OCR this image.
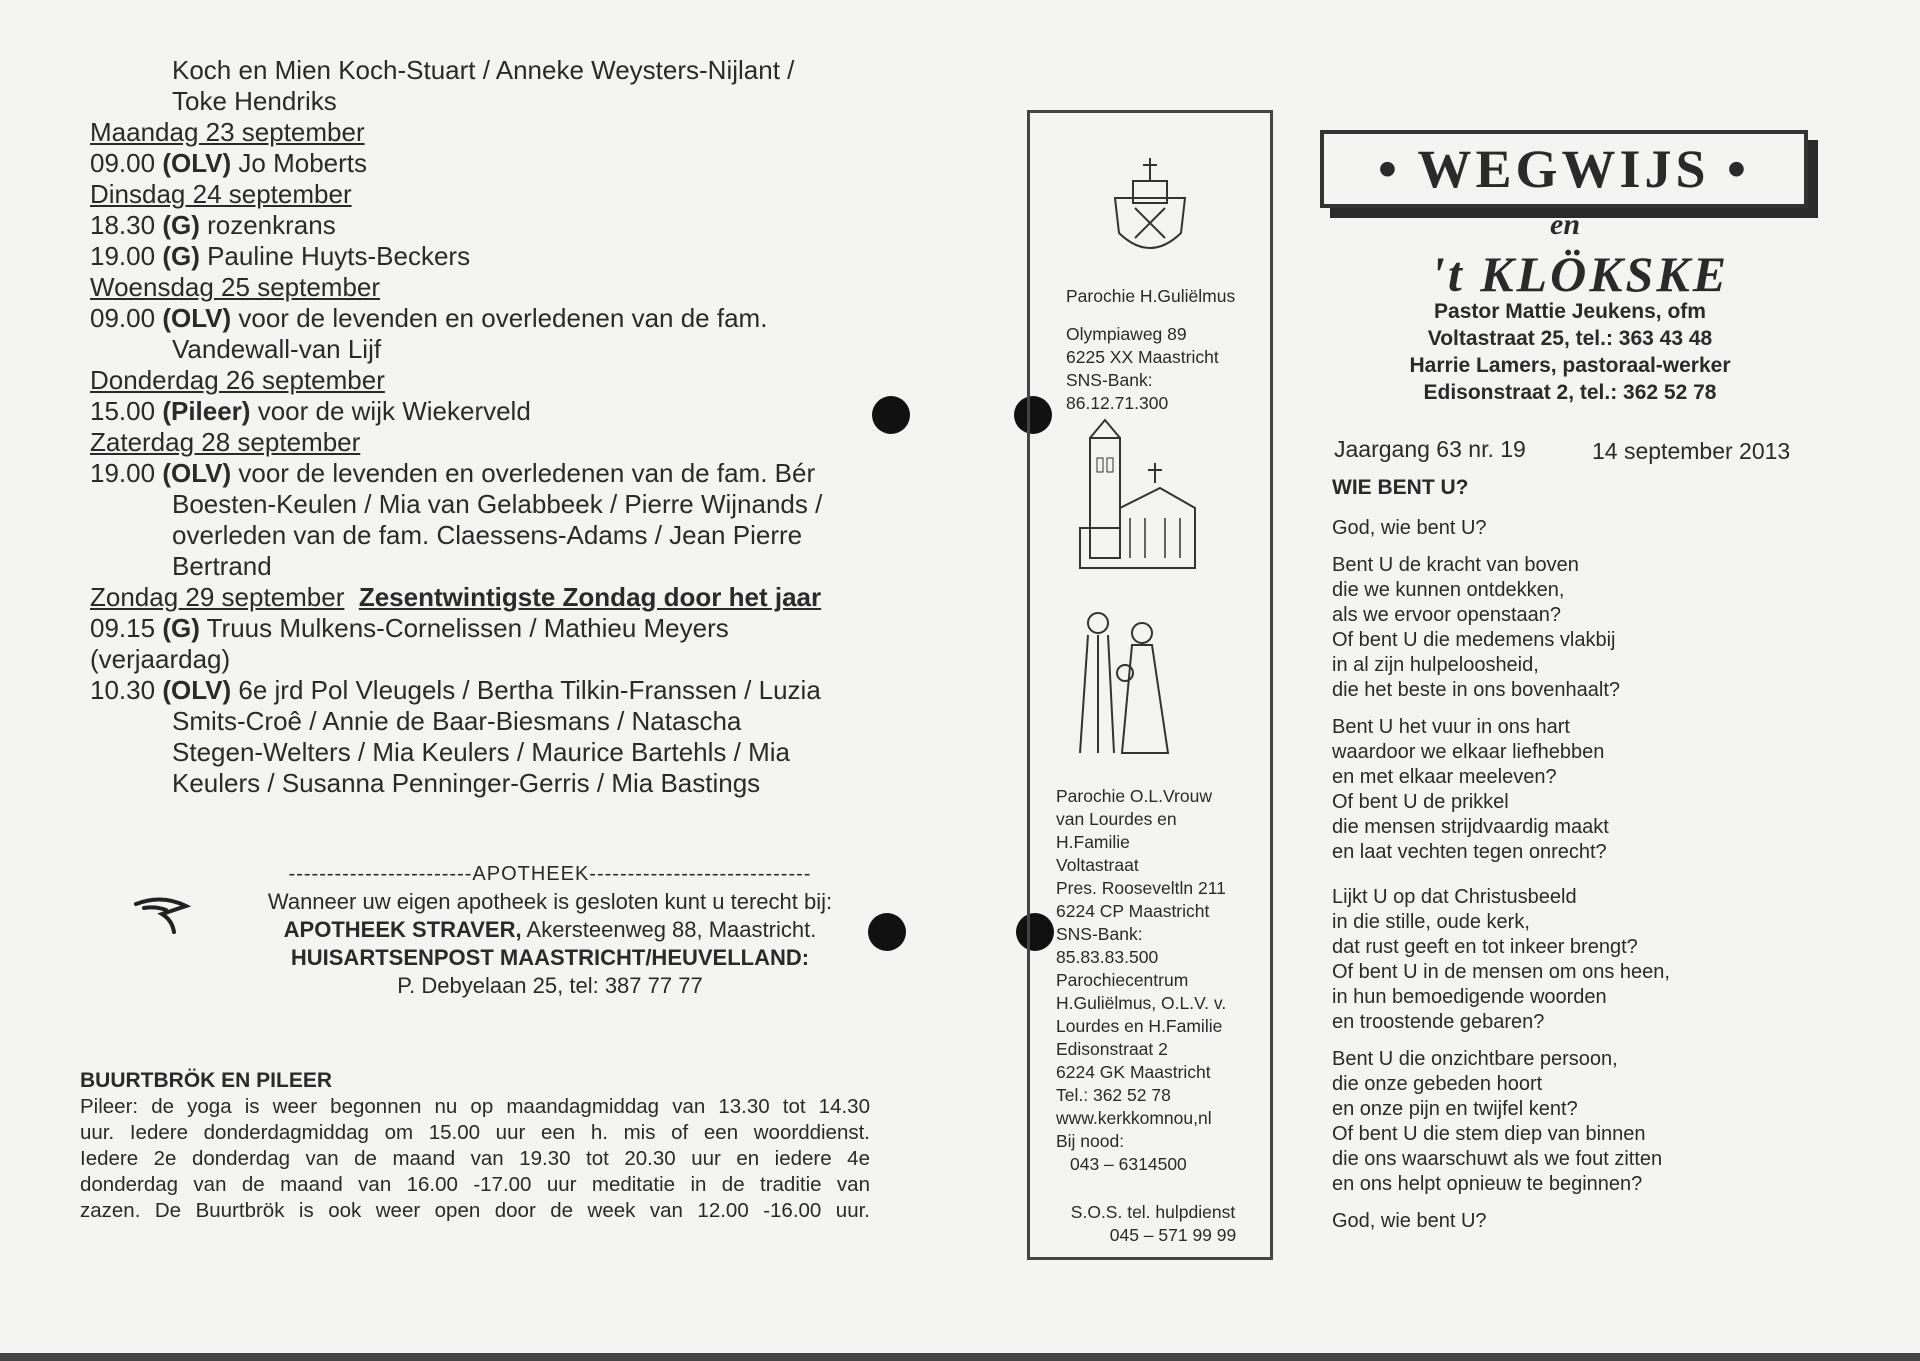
Koch en Mien Koch-Stuart / Anneke Weysters-Nijlant /
Toke Hendriks
Maandag 23 september
09.00 (OLV) Jo Moberts
Dinsdag 24 september
18.30 (G) rozenkrans
19.00 (G) Pauline Huyts-Beckers
Woensdag 25 september
09.00 (OLV) voor de levenden en overledenen van de fam.
Vandewall-van Lijf
Donderdag 26 september
15.00 (Pileer) voor de wijk Wiekerveld
Zaterdag 28 september
19.00 (OLV) voor de levenden en overledenen van de fam. Bér
Boesten-Keulen / Mia van Gelabbeek / Pierre Wijnands /
overleden van de fam. Claessens-Adams / Jean Pierre
Bertrand
Zondag 29 september Zesentwintigste Zondag door het jaar
09.15 (G) Truus Mulkens-Cornelissen / Mathieu Meyers
(verjaardag)
10.30 (OLV) 6e jrd Pol Vleugels / Bertha Tilkin-Franssen / Luzia
Smits-Croê / Annie de Baar-Biesmans / Natascha
Stegen-Welters / Mia Keulers / Maurice Bartehls / Mia
Keulers / Susanna Penninger-Gerris / Mia Bastings
------------------------APOTHEEK-----------------------------
Wanneer uw eigen apotheek is gesloten kunt u terecht bij:
APOTHEEK STRAVER, Akersteenweg 88, Maastricht.
HUISARTSENPOST MAASTRICHT/HEUVELLAND:
P. Debyelaan 25, tel: 387 77 77
BUURTBRÖK EN PILEER
Pileer: de yoga is weer begonnen nu op maandagmiddag van 13.30 tot 14.30
uur. Iedere donderdagmiddag om 15.00 uur een h. mis of een woorddienst.
Iedere 2e donderdag van de maand van 19.30 tot 20.30 uur en iedere 4e
donderdag van de maand van 16.00 -17.00 uur meditatie in de traditie van
zazen. De Buurtbrök is ook weer open door de week van 12.00 -16.00 uur.
Parochie H.Guliëlmus
Olympiaweg 89
6225 XX Maastricht
SNS-Bank:
86.12.71.300
Parochie O.L.Vrouw
van Lourdes en
H.Familie
Voltastraat
Pres. Rooseveltln 211
6224 CP Maastricht
SNS-Bank:
85.83.83.500
Parochiecentrum
H.Guliëlmus, O.L.V. v.
Lourdes en H.Familie
Edisonstraat 2
6224 GK Maastricht
Tel.: 362 52 78
www.kerkkomnou,nl
Bij nood:
043 – 6314500
S.O.S. tel. hulpdienst
045 – 571 99 99
• WEGWIJS •
en
't KLÖKSKE
Pastor Mattie Jeukens, ofm
Voltastraat 25, tel.: 363 43 48
Harrie Lamers, pastoraal-werker
Edisonstraat 2, tel.: 362 52 78
Jaargang 63 nr. 19	14 september 2013
WIE BENT U?
God, wie bent U?
Bent U de kracht van boven
die we kunnen ontdekken,
als we ervoor openstaan?
Of bent U die medemens vlakbij
in al zijn hulpeloosheid,
die het beste in ons bovenhaalt?
Bent U het vuur in ons hart
waardoor we elkaar liefhebben
en met elkaar meeleven?
Of bent U de prikkel
die mensen strijdvaardig maakt
en laat vechten tegen onrecht?
Lijkt U op dat Christusbeeld
in die stille, oude kerk,
dat rust geeft en tot inkeer brengt?
Of bent U in de mensen om ons heen,
in hun bemoedigende woorden
en troostende gebaren?
Bent U die onzichtbare persoon,
die onze gebeden hoort
en onze pijn en twijfel kent?
Of bent U die stem diep van binnen
die ons waarschuwt als we fout zitten
en ons helpt opnieuw te beginnen?
God, wie bent U?
